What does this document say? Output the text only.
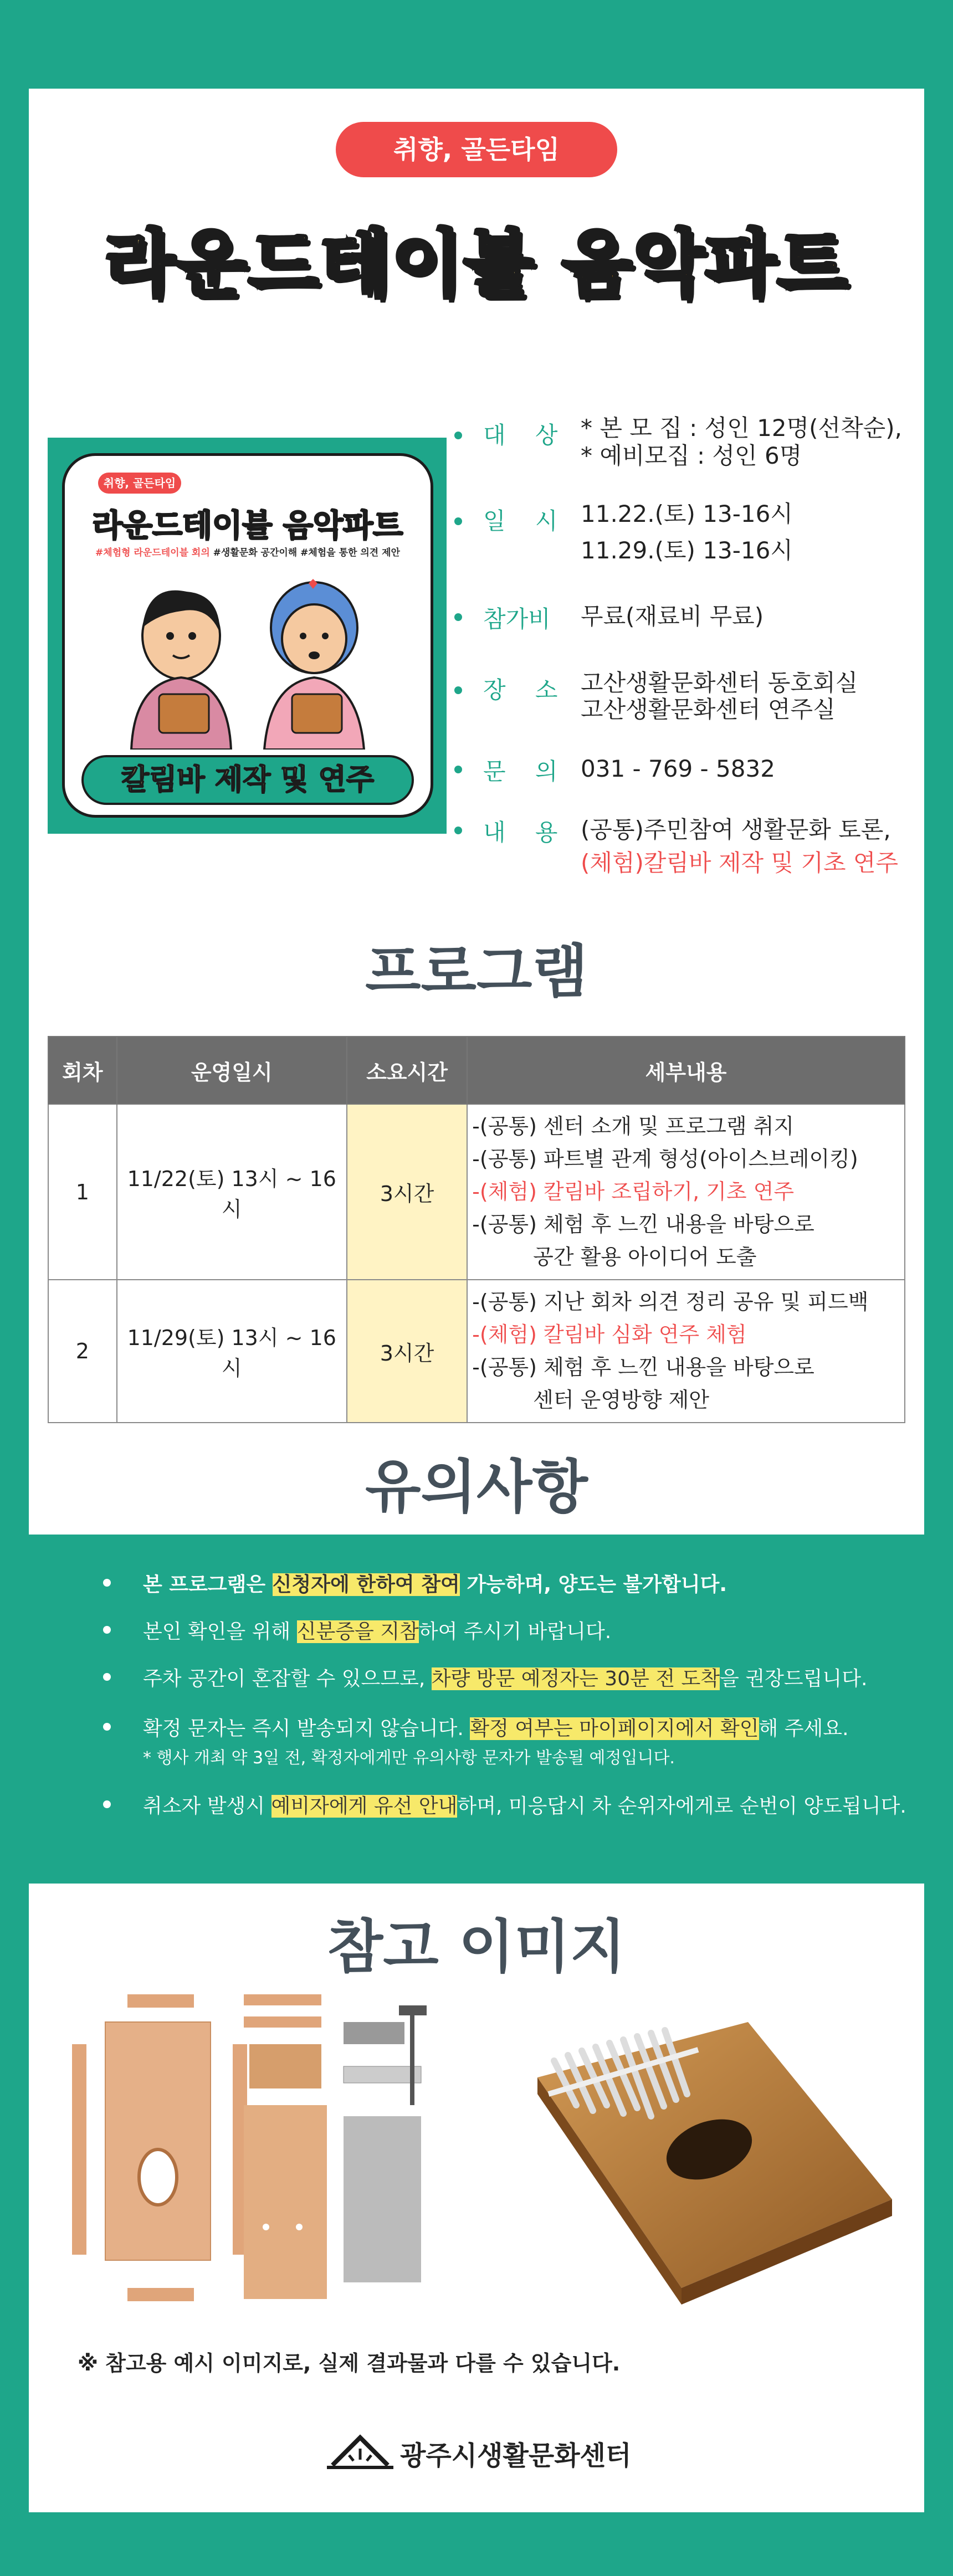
취향, 골든타임
라운드테이블 음악파트
취향, 골든타임
라운드테이블 음악파트
#체험형 라운드테이블 회의 #생활문화 공간이해 #체험을 통한 의견 제안
칼림바 제작 및 연주
대 상 * 본 모 집 : 성인 12명(선착순),
* 예비모집 : 성인 6명
일 시 11.22.(토) 13-16시
11.29.(토) 13-16시
참가비 무료(재료비 무료)
장 소 고산생활문화센터 동호회실
고산생활문화센터 연주실
문 의 031 - 769 - 5832
내 용 (공통)주민참여 생활문화 토론,
(체험)칼림바 제작 및 기초 연주
프로그램
회차	운영일시	소요시간	세부내용
1	11/22(토) 13시 ~ 16시	3시간	-(공통) 센터 소개 및 프로그램 취지
-(공통) 파트별 관계 형성(아이스브레이킹)
-(체험) 칼림바 조립하기, 기초 연주
-(공통) 체험 후 느낀 내용을 바탕으로
공간 활용 아이디어 도출

2	11/29(토) 13시 ~ 16시	3시간	-(공통) 지난 회차 의견 정리 공유 및 피드백
-(체험) 칼림바 심화 연주 체험
-(공통) 체험 후 느낀 내용을 바탕으로
센터 운영방향 제안
유의사항
본 프로그램은 신청자에 한하여 참여 가능하며, 양도는 불가합니다.
본인 확인을 위해 신분증을 지참하여 주시기 바랍니다.
주차 공간이 혼잡할 수 있으므로, 차량 방문 예정자는 30분 전 도착을 권장드립니다.
확정 문자는 즉시 발송되지 않습니다. 확정 여부는 마이페이지에서 확인해 주세요.
* 행사 개최 약 3일 전, 확정자에게만 유의사항 문자가 발송될 예정입니다.
취소자 발생시 예비자에게 유선 안내하며, 미응답시 차 순위자에게로 순번이 양도됩니다.
참고 이미지
※ 참고용 예시 이미지로, 실제 결과물과 다를 수 있습니다.
광주시생활문화센터
